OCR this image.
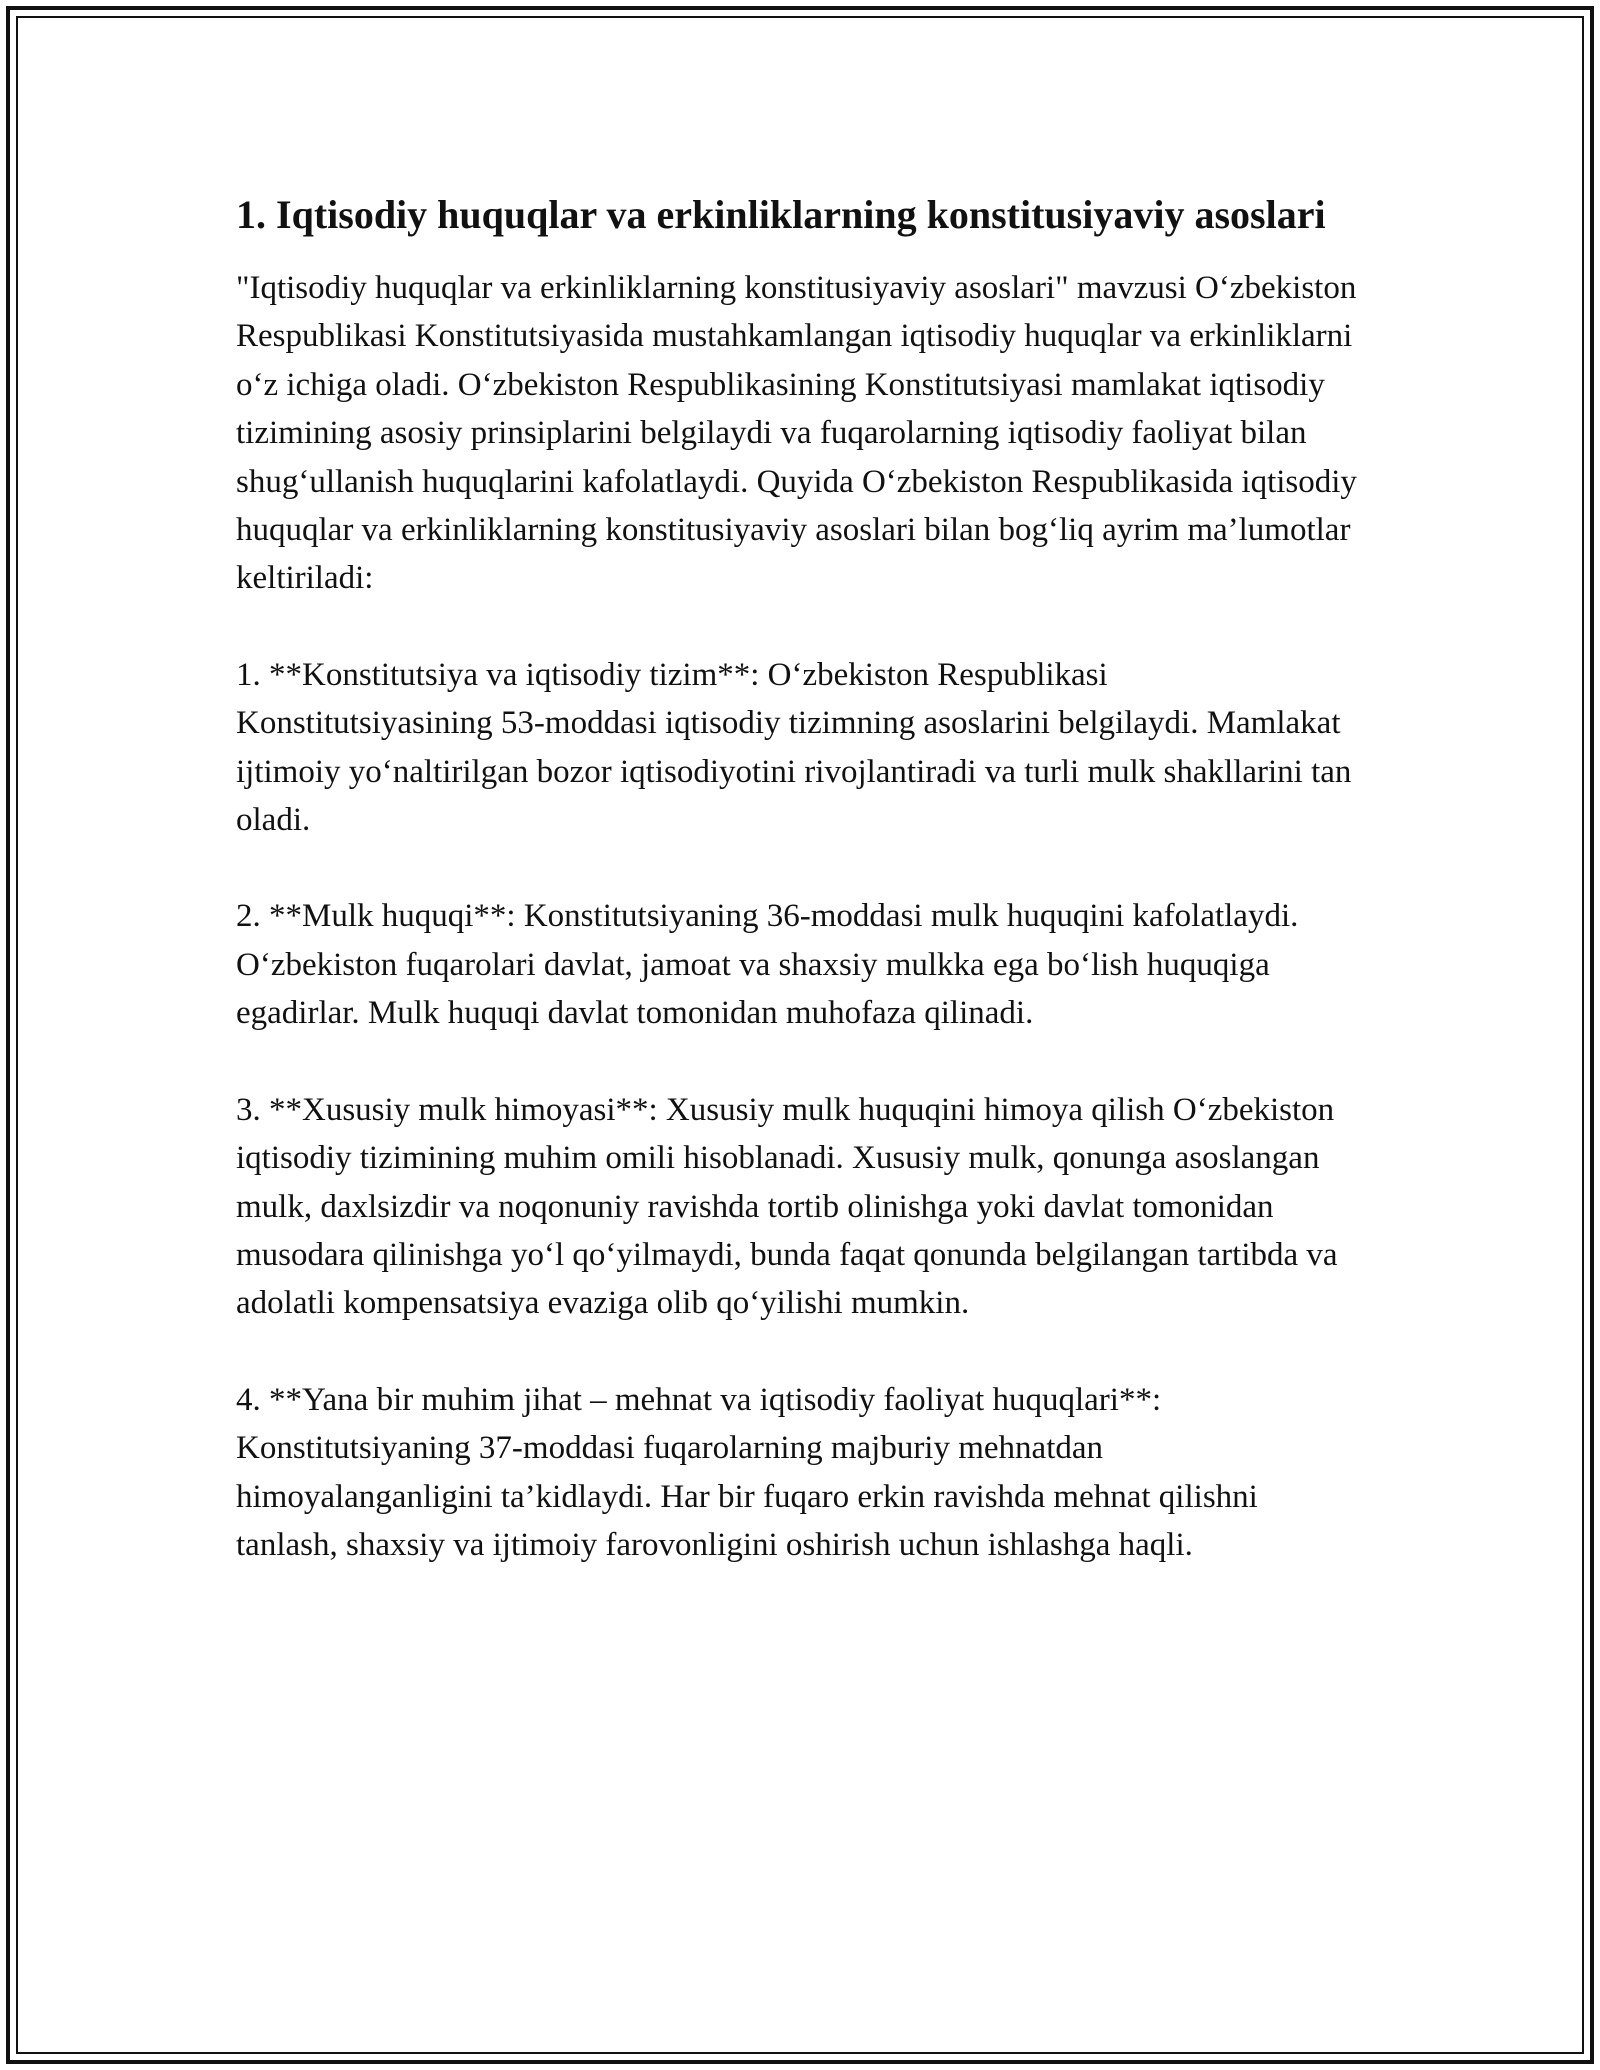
1. Iqtisodiy huquqlar va erkinliklarning konstitusiyaviy asoslari

"Iqtisodiy huquqlar va erkinliklarning konstitusiyaviy asoslari" mavzusi O‘zbekiston Respublikasi Konstitutsiyasida mustahkamlangan iqtisodiy huquqlar va erkinliklarni o‘z ichiga oladi. O‘zbekiston Respublikasining Konstitutsiyasi mamlakat iqtisodiy tizimining asosiy prinsiplarini belgilaydi va fuqarolarning iqtisodiy faoliyat bilan shug‘ullanish huquqlarini kafolatlaydi. Quyida O‘zbekiston Respublikasida iqtisodiy huquqlar va erkinliklarning konstitusiyaviy asoslari bilan bog‘liq ayrim ma’lumotlar keltiriladi:

1. **Konstitutsiya va iqtisodiy tizim**: O‘zbekiston Respublikasi Konstitutsiyasining 53-moddasi iqtisodiy tizimning asoslarini belgilaydi. Mamlakat ijtimoiy yo‘naltirilgan bozor iqtisodiyotini rivojlantiradi va turli mulk shakllarini tan oladi.

2. **Mulk huquqi**: Konstitutsiyaning 36-moddasi mulk huquqini kafolatlaydi. O‘zbekiston fuqarolari davlat, jamoat va shaxsiy mulkka ega bo‘lish huquqiga egadirlar. Mulk huquqi davlat tomonidan muhofaza qilinadi.

3. **Xususiy mulk himoyasi**: Xususiy mulk huquqini himoya qilish O‘zbekiston iqtisodiy tizimining muhim omili hisoblanadi. Xususiy mulk, qonunga asoslangan mulk, daxlsizdir va noqonuniy ravishda tortib olinishga yoki davlat tomonidan musodara qilinishga yo‘l qo‘yilmaydi, bunda faqat qonunda belgilangan tartibda va adolatli kompensatsiya evaziga olib qo‘yilishi mumkin.

4. **Yana bir muhim jihat – mehnat va iqtisodiy faoliyat huquqlari**: Konstitutsiyaning 37-moddasi fuqarolarning majburiy mehnatdan himoyalanganligini ta’kidlaydi. Har bir fuqaro erkin ravishda mehnat qilishni tanlash, shaxsiy va ijtimoiy farovonligini oshirish uchun ishlashga haqli.
